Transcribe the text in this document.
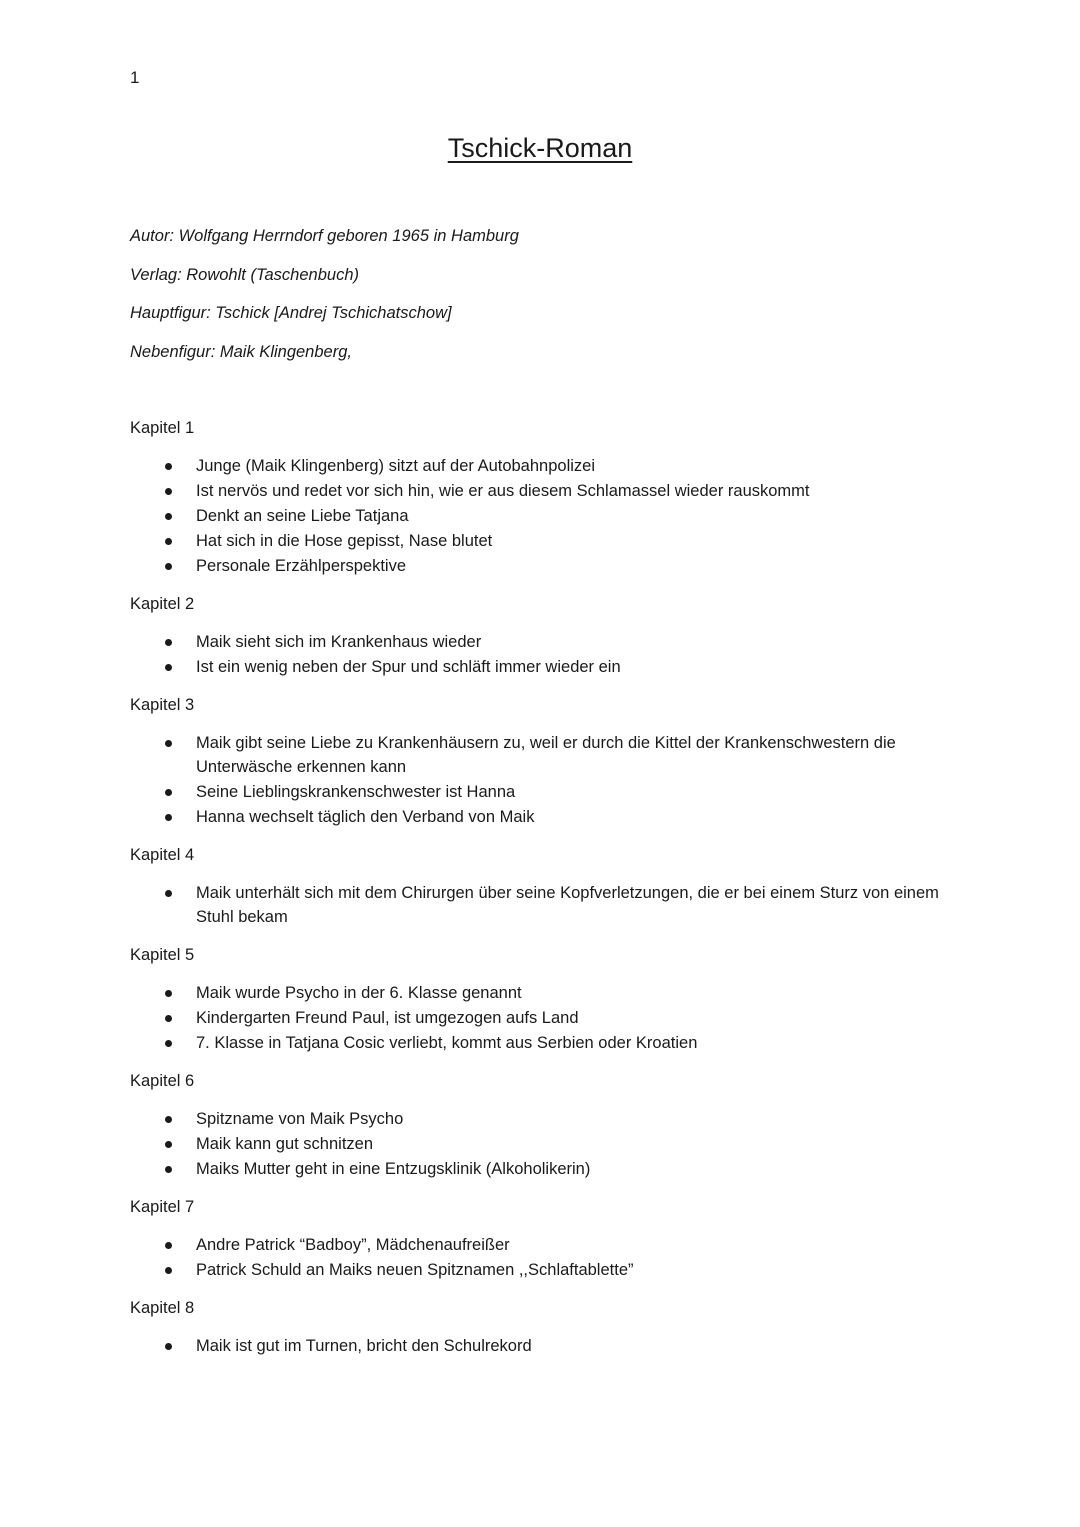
1
Tschick-Roman
Autor: Wolfgang Herrndorf geboren 1965 in Hamburg
Verlag: Rowohlt (Taschenbuch)
Hauptfigur: Tschick [Andrej Tschichatschow]
Nebenfigur: Maik Klingenberg,
Kapitel 1
Junge (Maik Klingenberg) sitzt auf der Autobahnpolizei
Ist nervös und redet vor sich hin, wie er aus diesem Schlamassel wieder rauskommt
Denkt an seine Liebe Tatjana
Hat sich in die Hose gepisst, Nase blutet
Personale Erzählperspektive
Kapitel 2
Maik sieht sich im Krankenhaus wieder
Ist ein wenig neben der Spur und schläft immer wieder ein
Kapitel 3
Maik gibt seine Liebe zu Krankenhäusern zu, weil er durch die Kittel der Krankenschwestern die Unterwäsche erkennen kann
Seine Lieblingskrankenschwester ist Hanna
Hanna wechselt täglich den Verband von Maik
Kapitel 4
Maik unterhält sich mit dem Chirurgen über seine Kopfverletzungen, die er bei einem Sturz von einem Stuhl bekam
Kapitel 5
Maik wurde Psycho in der 6. Klasse genannt
Kindergarten Freund Paul, ist umgezogen aufs Land
7. Klasse in Tatjana Cosic verliebt, kommt aus Serbien oder Kroatien
Kapitel 6
Spitzname von Maik Psycho
Maik kann gut schnitzen
Maiks Mutter geht in eine Entzugsklinik (Alkoholikerin)
Kapitel 7
Andre Patrick “Badboy”, Mädchenaufreißer
Patrick Schuld an Maiks neuen Spitznamen ,,Schlaftablette”
Kapitel 8
Maik ist gut im Turnen, bricht den Schulrekord
